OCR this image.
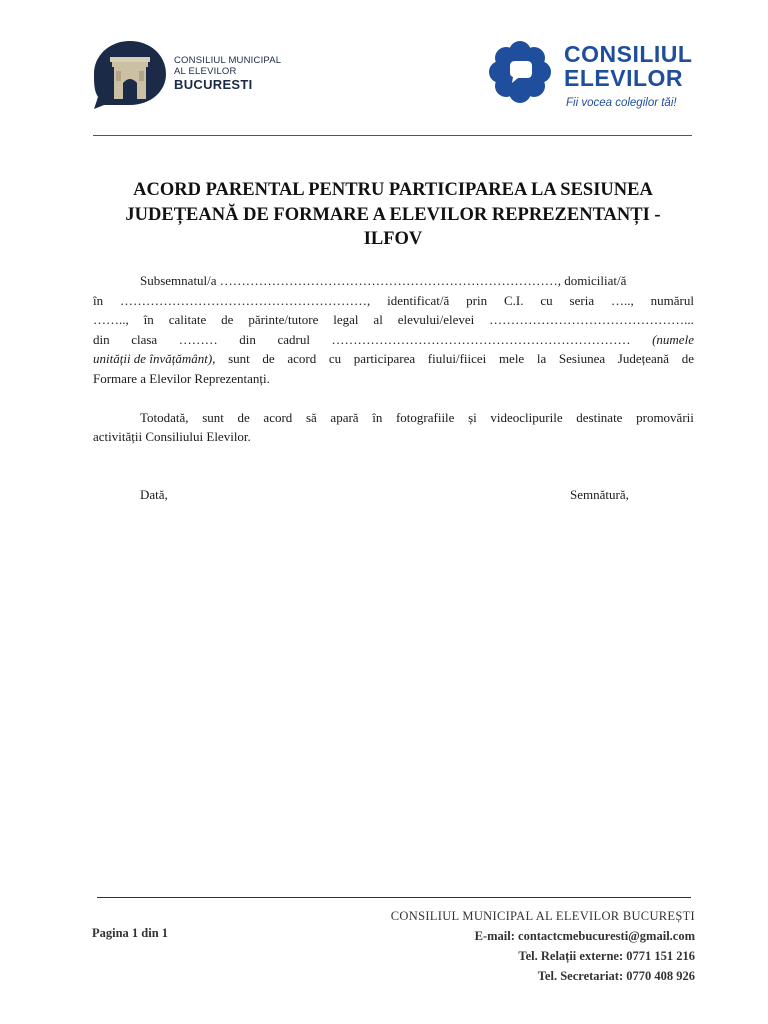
CONSILIUL MUNICIPAL
AL ELEVILOR
BUCURESTI
CONSILIUL
ELEVILOR
Fii vocea colegilor tăi!
ACORD PARENTAL PENTRU PARTICIPAREA LA SESIUNEA
JUDEȚEANĂ DE FORMARE A ELEVILOR REPREZENTANȚI -
ILFOV
Subsemnatul/a ……………………………………………………………………, domiciliat/ă
în …………………………………………………, identificat/ă prin C.I. cu seria ….., numărul
…….., în calitate de părinte/tutore legal al elevului/elevei ………………………………………...
din clasa ……… din cadrul …………………………………………………………… (numele
unității de învățământ), sunt de acord cu participarea fiului/fiicei mele la Sesiunea Județeană de
Formare a Elevilor Reprezentanți.
Totodată, sunt de acord să apară în fotografiile și videoclipurile destinate promovării
activității Consiliului Elevilor.
Dată,	Semnătură,
Pagina 1 din 1
CONSILIUL MUNICIPAL AL ELEVILOR BUCUREȘTI
E-mail: contactcmebucuresti@gmail.com
Tel. Relații externe: 0771 151 216
Tel. Secretariat: 0770 408 926
